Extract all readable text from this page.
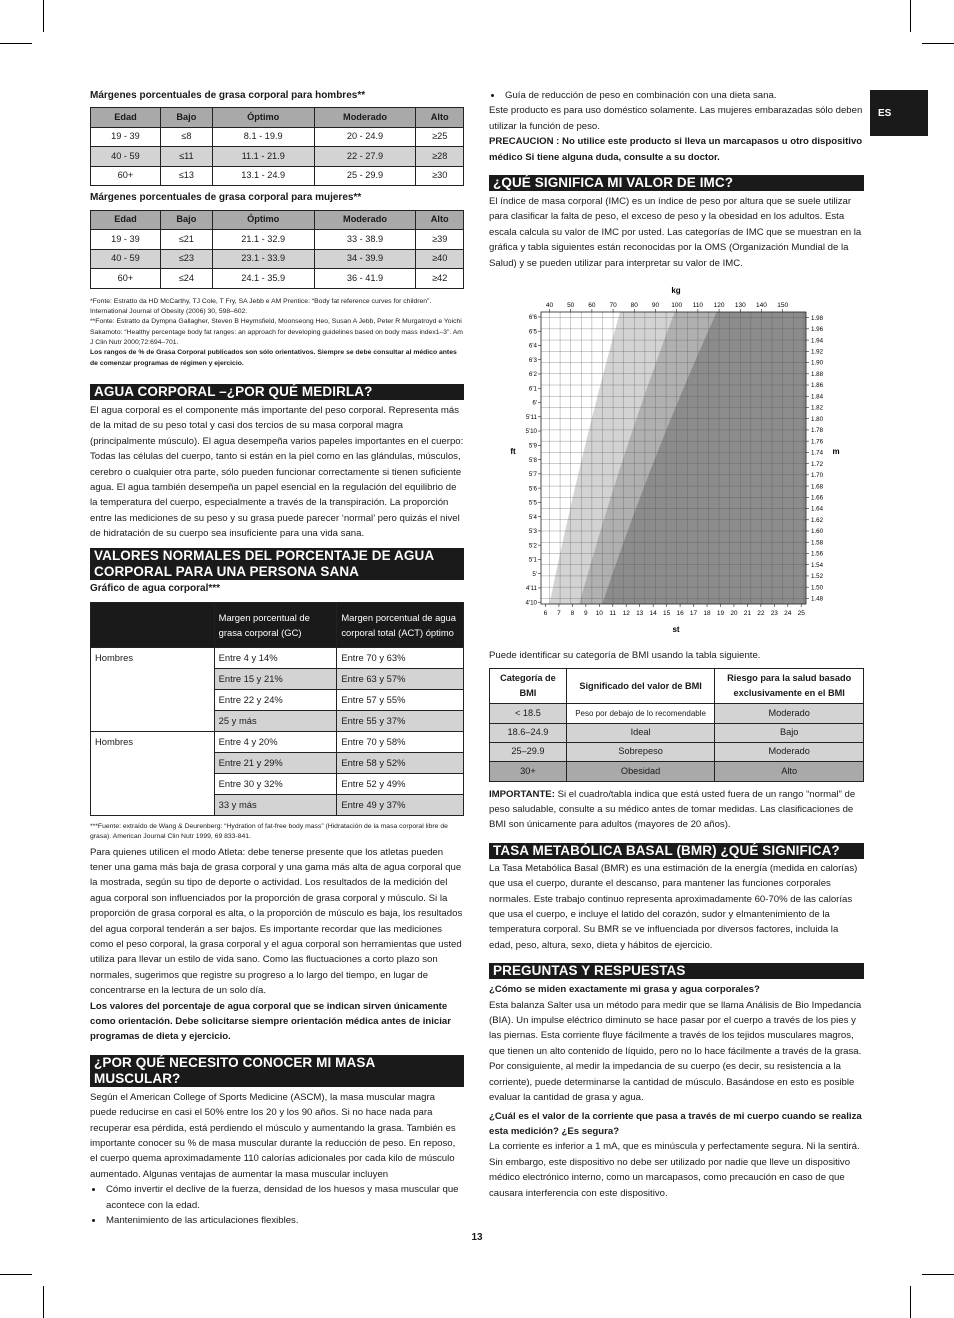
ES
13

Márgenes porcentuales de grasa corporal para hombres**

Edad	Bajo	Óptimo	Moderado	Alto
19 - 39	≤8	8.1 - 19.9	20 - 24.9	≥25
40 - 59	≤11	11.1 - 21.9	22 - 27.9	≥28
60+	≤13	13.1 - 24.9	25 - 29.9	≥30

Márgenes porcentuales de grasa corporal para mujeres**

Edad	Bajo	Óptimo	Moderado	Alto
19 - 39	≤21	21.1 - 32.9	33 - 38.9	≥39
40 - 59	≤23	23.1 - 33.9	34 - 39.9	≥40
60+	≤24	24.1 - 35.9	36 - 41.9	≥42

*Fonte: Estratto da HD McCarthy, TJ Cole, T Fry, SA Jebb e AM Prentice: “Body fat reference curves for children”. International Journal of Obesity (2006) 30, 598–602.

**Fonte: Estratto da Dympna Gallagher, Steven B Heymsfield, Moonseong Heo, Susan A Jebb, Peter R Murgatroyd e Yoichi Sakamoto: “Healthy percentage body fat ranges: an approach for developing guidelines based on body mass index1–3”. Am J Clin Nutr 2000;72:694–701.

Los rangos de % de Grasa Corporal publicados son sólo orientativos. Siempre se debe consultar al médico antes de comenzar programas de régimen y ejercicio.

AGUA CORPORAL –¿POR QUÉ MEDIRLA?

El agua corporal es el componente más importante del peso corporal. Representa más de la mitad de su peso total y casi dos tercios de su masa corporal magra (principalmente músculo). El agua desempeña varios papeles importantes en el cuerpo: Todas las células del cuerpo, tanto si están en la piel como en las glándulas, músculos, cerebro o cualquier otra parte, sólo pueden funcionar correctamente si tienen suficiente agua. El agua también desempeña un papel esencial en la regulación del equilibrio de la temperatura del cuerpo, especialmente a través de la transpiración. La proporción entre las mediciones de su peso y su grasa puede parecer ‘normal’ pero quizás el nivel de hidratación de su cuerpo sea insuficiente para una vida sana.

VALORES NORMALES DEL PORCENTAJE DE AGUA CORPORAL PARA UNA PERSONA SANA

Gráfico de agua corporal***

	Margen porcentual de grasa corporal (GC)	Margen porcentual de agua corporal total (ACT) óptimo
Hombres	Entre 4 y 14%	Entre 70 y 63%
	Entre 15 y 21%	Entre 63 y 57%
	Entre 22 y 24%	Entre 57 y 55%
	25 y más	Entre 55 y 37%
Hombres	Entre 4 y 20%	Entre 70 y 58%
	Entre 21 y 29%	Entre 58 y 52%
	Entre 30 y 32%	Entre 52 y 49%
	33 y más	Entre 49 y 37%

***Fuente: extraído de Wang & Deurenberg: “Hydration of fat-free body mass” (Hidratación de la masa corporal libre de grasa). American Journal Clin Nutr 1999, 69 833-841.

Para quienes utilicen el modo Atleta: debe tenerse presente que los atletas pueden tener una gama más baja de grasa corporal y una gama más alta de agua corporal que la mostrada, según su tipo de deporte o actividad. Los resultados de la medición del agua corporal son influenciados por la proporción de grasa corporal y músculo. Si la proporción de grasa corporal es alta, o la proporción de músculo es baja, los resultados del agua corporal tenderán a ser bajos. Es importante recordar que las mediciones como el peso corporal, la grasa corporal y el agua corporal son herramientas que usted utiliza para llevar un estilo de vida sano. Como las fluctuaciones a corto plazo son normales, sugerimos que registre su progreso a lo largo del tiempo, en lugar de concentrarse en la lectura de un solo día.

Los valores del porcentaje de agua corporal que se indican sirven únicamente como orientación. Debe solicitarse siempre orientación médica antes de iniciar programas de dieta y ejercicio.

¿POR QUÉ NECESITO CONOCER MI MASA MUSCULAR?

Según el American College of Sports Medicine (ASCM), la masa muscular magra puede reducirse en casi el 50% entre los 20 y los 90 años. Si no hace nada para recuperar esa pérdida, está perdiendo el músculo y aumentando la grasa. También es importante conocer su % de masa muscular durante la reducción de peso. En reposo, el cuerpo quema aproximadamente 110 calorías adicionales por cada kilo de músculo aumentado. Algunas ventajas de aumentar la masa muscular incluyen

• Cómo invertir el declive de la fuerza, densidad de los huesos y masa muscular que acontece con la edad.
• Mantenimiento de las articulaciones flexibles.
• Guía de reducción de peso en combinación con una dieta sana.

Este producto es para uso doméstico solamente. Las mujeres embarazadas sólo deben utilizar la función de peso.

PRECAUCION : No utilice este producto si lleva un marcapasos u otro dispositivo médico Si tiene alguna duda, consulte a su doctor.

¿QUÉ SIGNIFICA MI VALOR DE IMC?

El índice de masa corporal (IMC) es un índice de peso por altura que se suele utilizar para clasificar la falta de peso, el exceso de peso y la obesidad en los adultos. Esta escala calcula su valor de IMC por usted. Las categorías de IMC que se muestran en la gráfica y tabla siguientes están reconocidas por la OMS (Organización Mundial de la Salud) y se pueden utilizar para interpretar su valor de IMC.

40 50 60 70 80 90 100 110 120 130 140 150
6 7 8 9 10 11 12 13 14 15 16 17 18 19 20 21 22 23 24 25
6'6
6'5
6'4
6'3
6'2
6'1
6'
5'11
5'10
5'9
5'8
5'7
5'6
5'5
5'4
5'3
5'2
5'1
5'
4'11
4'10
1.98
1.96
1.94
1.92
1.90
1.88
1.86
1.84
1.82
1.80
1.78
1.76
1.74
1.72
1.70
1.68
1.66
1.64
1.62
1.60
1.58
1.56
1.54
1.52
1.50
1.48
kg
st
ft	m

Puede identificar su categoría de BMI usando la tabla siguiente.

Categoría de BMI	Significado del valor de BMI	Riesgo para la salud basado exclusivamente en el BMI
< 18.5	Peso por debajo de lo recomendable	Moderado
18.6–24.9	Ideal	Bajo
25–29.9	Sobrepeso	Moderado
30+	Obesidad	Alto

IMPORTANTE: Si el cuadro/tabla indica que está usted fuera de un rango “normal” de peso saludable, consulte a su médico antes de tomar medidas. Las clasificaciones de BMI son únicamente para adultos (mayores de 20 años).

TASA METABÓLICA BASAL (BMR) ¿QUÉ SIGNIFICA?

La Tasa Metabólica Basal (BMR) es una estimación de la energía (medida en calorías) que usa el cuerpo, durante el descanso, para mantener las funciones corporales normales. Este trabajo continuo representa aproximadamente 60-70% de las calorías que usa el cuerpo, e incluye el latido del corazón, sudor y elmantenimiento de la temperatura corporal. Su BMR se ve influenciada por diversos factores, incluida la edad, peso, altura, sexo, dieta y hábitos de ejercicio.

PREGUNTAS Y RESPUESTAS

¿Cómo se miden exactamente mi grasa y agua corporales?

Esta balanza Salter usa un método para medir que se llama Análisis de Bio Impedancia (BIA). Un impulse eléctrico diminuto se hace pasar por el cuerpo a través de los pies y las piernas. Esta corriente fluye fácilmente a través de los tejidos musculares magros, que tienen un alto contenido de líquido, pero no lo hace fácilmente a través de la grasa. Por consiguiente, al medir la impedancia de su cuerpo (es decir, su resistencia a la corriente), puede determinarse la cantidad de músculo. Basándose en esto es posible evaluar la cantidad de grasa y agua.

¿Cuál es el valor de la corriente que pasa a través de mi cuerpo cuando se realiza esta medición? ¿Es segura?

La corriente es inferior a 1 mA, que es minúscula y perfectamente segura. Ni la sentirá. Sin embargo, este dispositivo no debe ser utilizado por nadie que lleve un dispositivo médico electrónico interno, como un marcapasos, como precaución en caso de que causara interferencia con este dispositivo.
